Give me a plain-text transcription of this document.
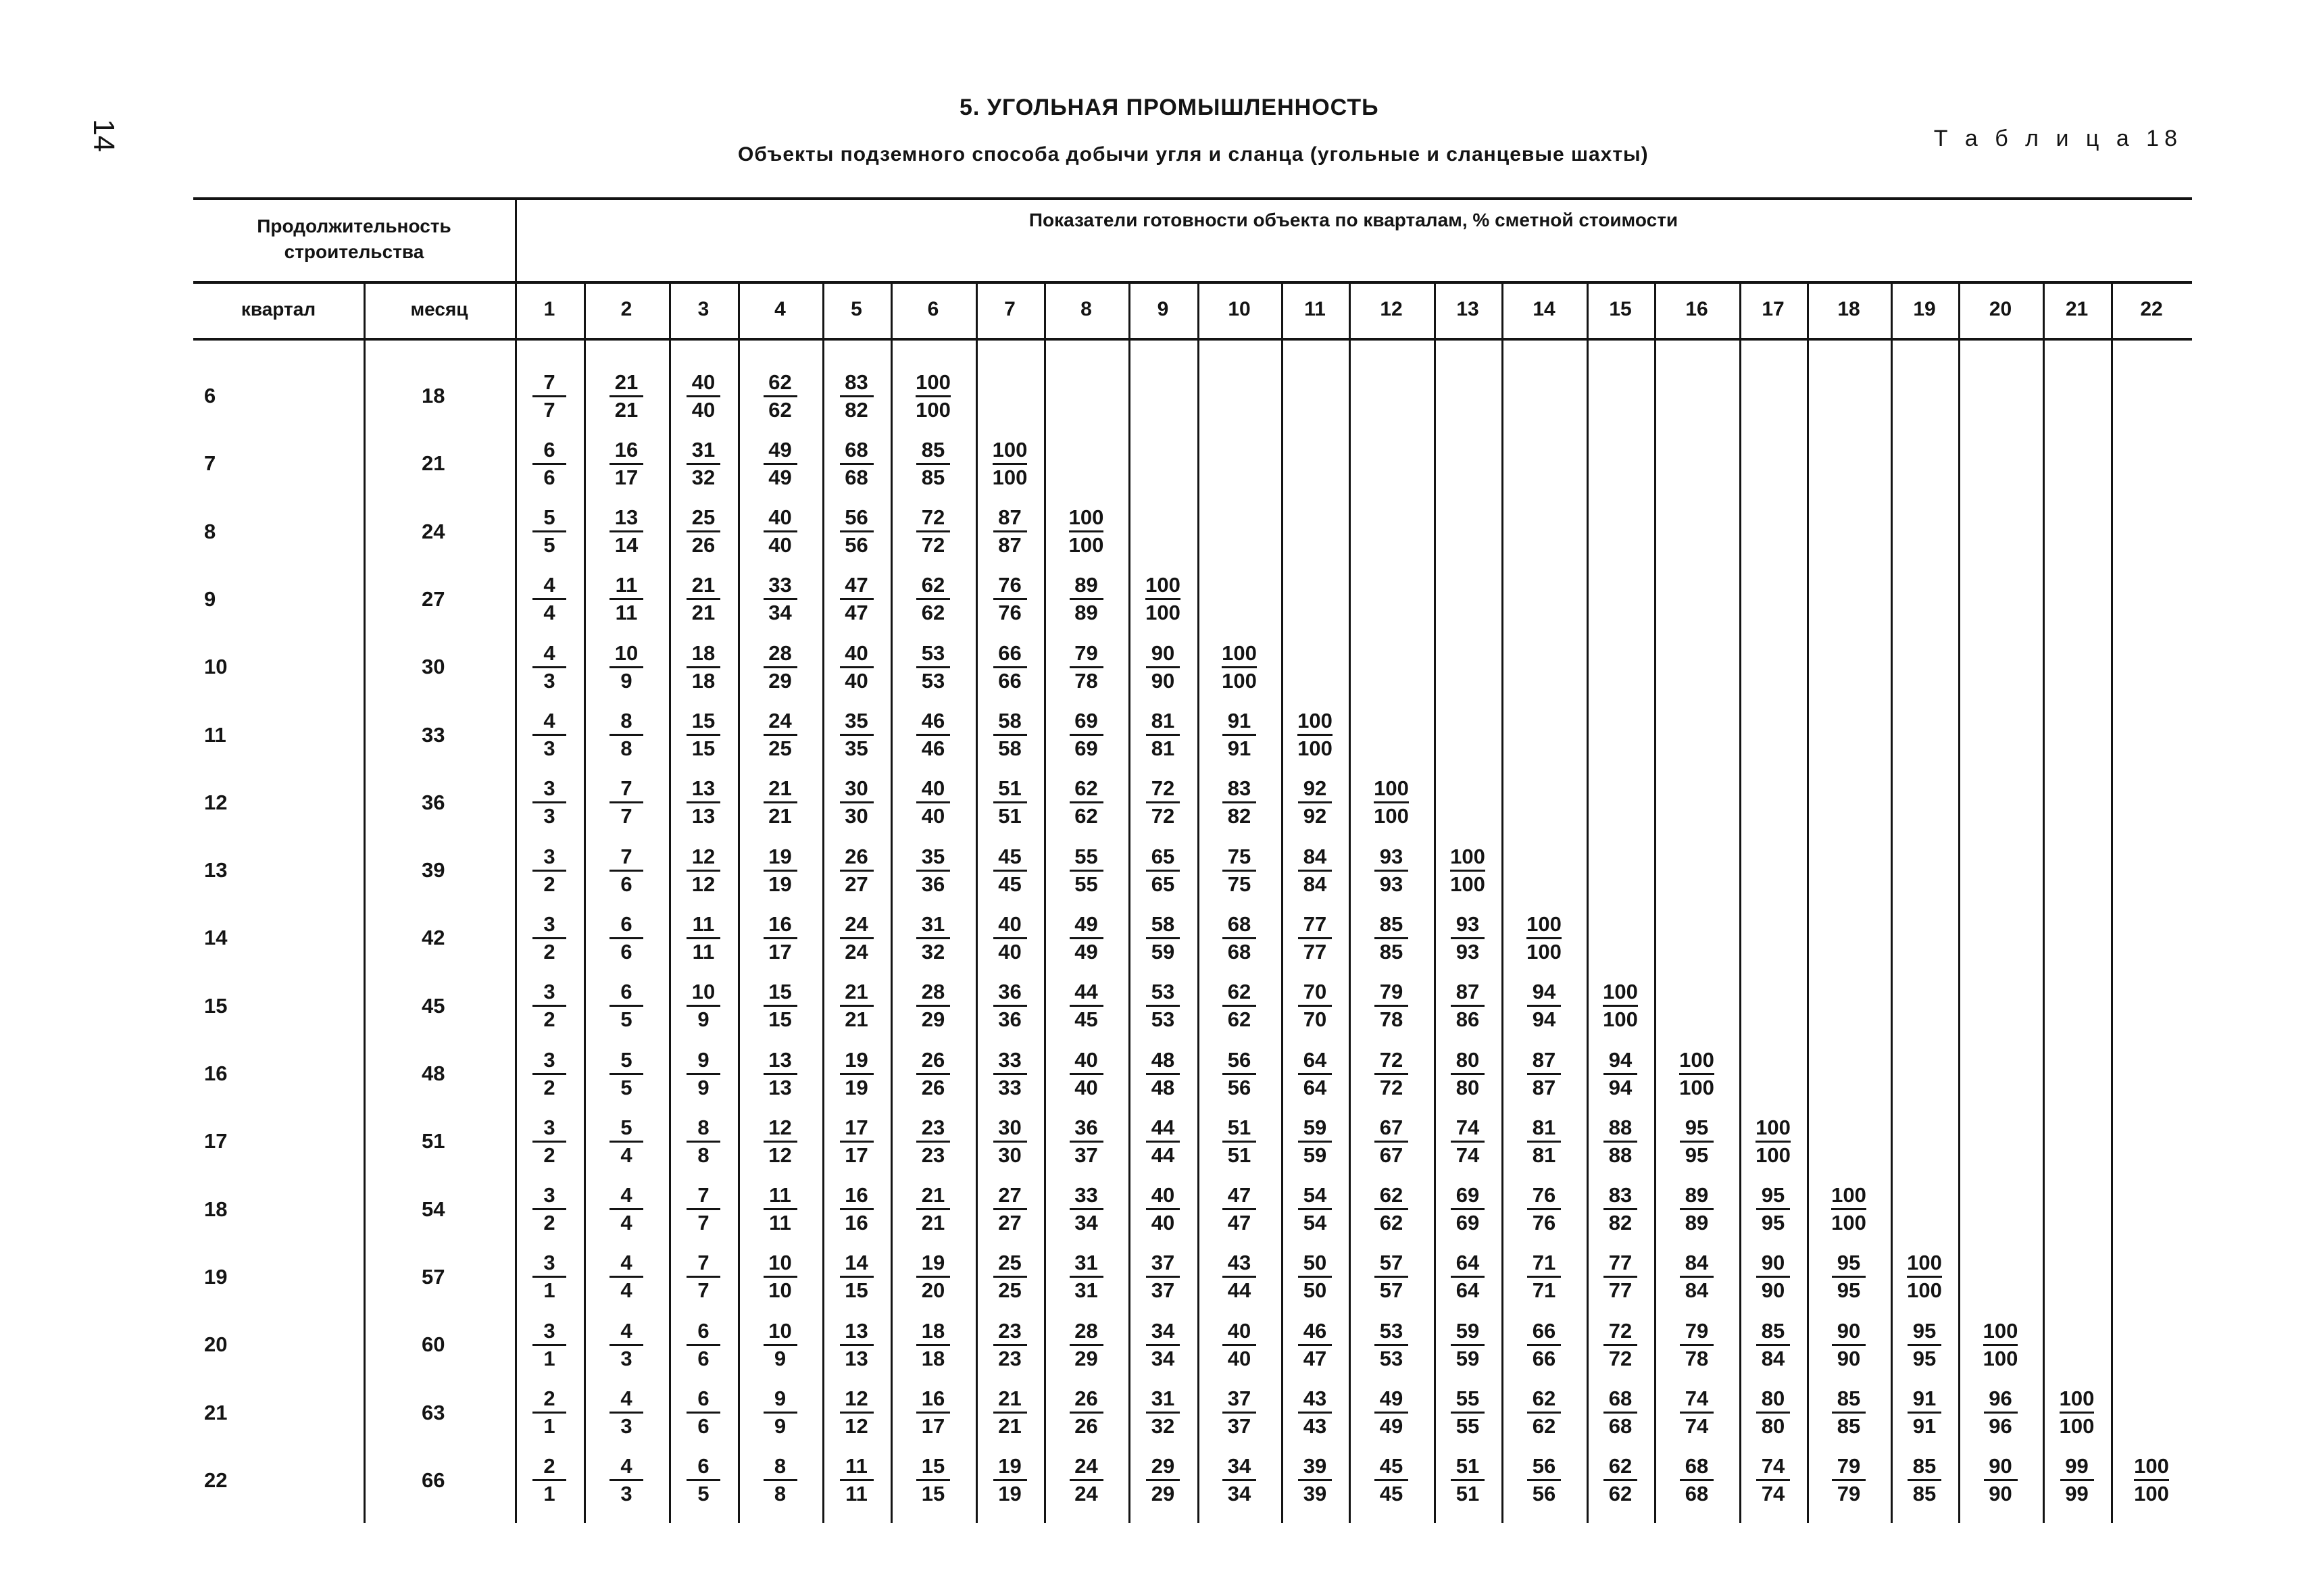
14
5. УГОЛЬНАЯ ПРОМЫШЛЕННОСТЬ
Объекты подземного способа добычи угля и сланца (угольные и сланцевые шахты)
Т а б л и ц а 18
Продолжительность строительства
Показатели готовности объекта по кварталам, % сметной стоимости
квартал	месяц	1	2	3	4	5	6	7	8	9	10	11	12	13	14	15	16	17	18	19	20	21	22
6	18	$\frac{7}{7} \frac{21}{21} \frac{40}{40} \frac{62}{62} \frac{83}{82} \frac{100}{100}$
7	21	$\frac{6}{6} \frac{16}{17} \frac{31}{32} \frac{49}{49} \frac{68}{68} \frac{85}{85} \frac{100}{100}$
8	24	$\frac{5}{5} \frac{13}{14} \frac{25}{26} \frac{40}{40} \frac{56}{56} \frac{72}{72} \frac{87}{87} \frac{100}{100}$
9	27	$\frac{4}{4} \frac{11}{11} \frac{21}{21} \frac{33}{34} \frac{47}{47} \frac{62}{62} \frac{76}{76} \frac{89}{89} \frac{100}{100}$
10	30	$\frac{4}{3} \frac{10}{9} \frac{18}{18} \frac{28}{29} \frac{40}{40} \frac{53}{53} \frac{66}{66} \frac{79}{78} \frac{90}{90} \frac{100}{100}$
11	33	$\frac{4}{3} \frac{8}{8} \frac{15}{15} \frac{24}{25} \frac{35}{35} \frac{46}{46} \frac{58}{58} \frac{69}{69} \frac{81}{81} \frac{91}{91} \frac{100}{100}$
12	36	$\frac{3}{3} \frac{7}{7} \frac{13}{13} \frac{21}{21} \frac{30}{30} \frac{40}{40} \frac{51}{51} \frac{62}{62} \frac{72}{72} \frac{83}{82} \frac{92}{92} \frac{100}{100}$
13	39	$\frac{3}{2} \frac{7}{6} \frac{12}{12} \frac{19}{19} \frac{26}{27} \frac{35}{36} \frac{45}{45} \frac{55}{55} \frac{65}{65} \frac{75}{75} \frac{84}{84} \frac{93}{93} \frac{100}{100}$
14	42	$\frac{3}{2} \frac{6}{6} \frac{11}{11} \frac{16}{17} \frac{24}{24} \frac{31}{32} \frac{40}{40} \frac{49}{49} \frac{58}{59} \frac{68}{68} \frac{77}{77} \frac{85}{85} \frac{93}{93} \frac{100}{100}$
15	45	$\frac{3}{2} \frac{6}{5} \frac{10}{9} \frac{15}{15} \frac{21}{21} \frac{28}{29} \frac{36}{36} \frac{44}{45} \frac{53}{53} \frac{62}{62} \frac{70}{70} \frac{79}{78} \frac{87}{86} \frac{94}{94} \frac{100}{100}$
16	48	$\frac{3}{2} \frac{5}{5} \frac{9}{9} \frac{13}{13} \frac{19}{19} \frac{26}{26} \frac{33}{33} \frac{40}{40} \frac{48}{48} \frac{56}{56} \frac{64}{64} \frac{72}{72} \frac{80}{80} \frac{87}{87} \frac{94}{94} \frac{100}{100}$
17	51	$\frac{3}{2} \frac{5}{4} \frac{8}{8} \frac{12}{12} \frac{17}{17} \frac{23}{23} \frac{30}{30} \frac{36}{37} \frac{44}{44} \frac{51}{51} \frac{59}{59} \frac{67}{67} \frac{74}{74} \frac{81}{81} \frac{88}{88} \frac{95}{95} \frac{100}{100}$
18	54	$\frac{3}{2} \frac{4}{4} \frac{7}{7} \frac{11}{11} \frac{16}{16} \frac{21}{21} \frac{27}{27} \frac{33}{34} \frac{40}{40} \frac{47}{47} \frac{54}{54} \frac{62}{62} \frac{69}{69} \frac{76}{76} \frac{83}{82} \frac{89}{89} \frac{95}{95} \frac{100}{100}$
19	57	$\frac{3}{1} \frac{4}{4} \frac{7}{7} \frac{10}{10} \frac{14}{15} \frac{19}{20} \frac{25}{25} \frac{31}{31} \frac{37}{37} \frac{43}{44} \frac{50}{50} \frac{57}{57} \frac{64}{64} \frac{71}{71} \frac{77}{77} \frac{84}{84} \frac{90}{90} \frac{95}{95} \frac{100}{100}$
20	60	$\frac{3}{1} \frac{4}{3} \frac{6}{6} \frac{10}{9} \frac{13}{13} \frac{18}{18} \frac{23}{23} \frac{28}{29} \frac{34}{34} \frac{40}{40} \frac{46}{47} \frac{53}{53} \frac{59}{59} \frac{66}{66} \frac{72}{72} \frac{79}{78} \frac{85}{84} \frac{90}{90} \frac{95}{95} \frac{100}{100}$
21	63	$\frac{2}{1} \frac{4}{3} \frac{6}{6} \frac{9}{9} \frac{12}{12} \frac{16}{17} \frac{21}{21} \frac{26}{26} \frac{31}{32} \frac{37}{37} \frac{43}{43} \frac{49}{49} \frac{55}{55} \frac{62}{62} \frac{68}{68} \frac{74}{74} \frac{80}{80} \frac{85}{85} \frac{91}{91} \frac{96}{96} \frac{100}{100}$
22	66	$\frac{2}{1} \frac{4}{3} \frac{6}{5} \frac{8}{8} \frac{11}{11} \frac{15}{15} \frac{19}{19} \frac{24}{24} \frac{29}{29} \frac{34}{34} \frac{39}{39} \frac{45}{45} \frac{51}{51} \frac{56}{56} \frac{62}{62} \frac{68}{68} \frac{74}{74} \frac{79}{79} \frac{85}{85} \frac{90}{90} \frac{99}{99} \frac{100}{100}$
